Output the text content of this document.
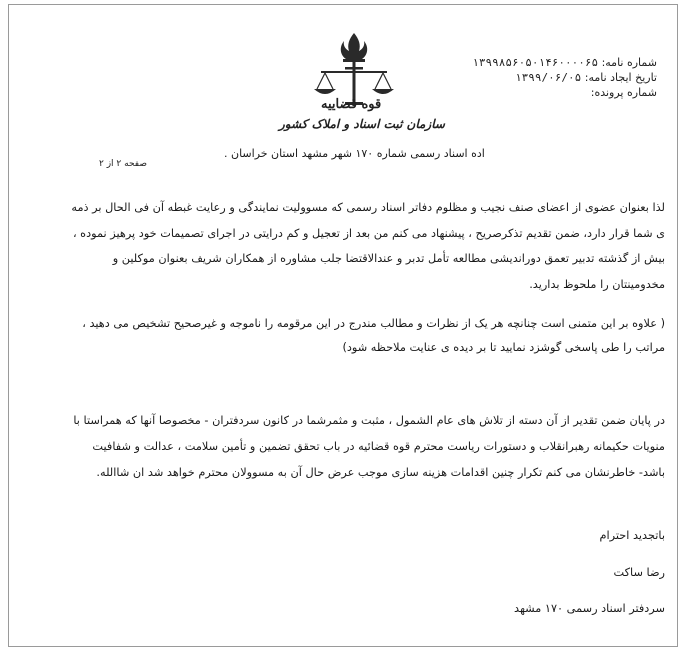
شماره نامه: ۱۳۹۹۸۵۶۰۵۰۱۴۶۰۰۰۰۶۵
تاریخ ایجاد نامه: ۱۳۹۹/۰۶/۰۵
شماره پرونده:
قوه قضاییه
سازمان ثبت اسناد و املاک کشور
اده اسناد رسمی شماره ۱۷۰ شهر مشهد استان خراسان .
صفحه ۲ از ۲
لذا بعنوان عضوی از اعضای صنف نجیب و مظلوم دفاتر اسناد رسمی که مسوولیت نمایندگی و رعایت غبطه آن فی الحال بر ذمه ی شما قرار دارد، ضمن تقدیم تذکرصریح ، پیشنهاد می کنم من بعد از تعجیل و کم درایتی در اجرای تصمیمات خود پرهیز نموده ، بیش از گذشته تدبیر تعمق دوراندیشی مطالعه تأمل تدبر و عندالاقتضا جلب مشاوره از همکاران شریف بعنوان موکلین و مخدومینتان را ملحوظ بدارید.
( علاوه بر این متمنی است چنانچه هر یک از نظرات و مطالب مندرج در این مرقومه را ناموجه و غیرصحیح تشخیص می دهید ، مراتب را طی پاسخی گوشزد نمایید تا بر دیده ی عنایت ملاحظه شود)
در پایان ضمن تقدیر از آن دسته از تلاش های عام الشمول ، مثبت و مثمرشما در کانون سردفتران - مخصوصا آنها که همراستا با منویات حکیمانه رهبرانقلاب و دستورات ریاست محترم قوه قضائیه در باب تحقق تضمین و تأمین سلامت ، عدالت و شفافیت باشد- خاطرنشان می کنم تکرار چنین اقدامات هزینه سازی موجب عرض حال آن به مسوولان محترم خواهد شد ان شاالله.
باتجدید احترام
رضا ساکت
سردفتر اسناد رسمی ۱۷۰ مشهد
